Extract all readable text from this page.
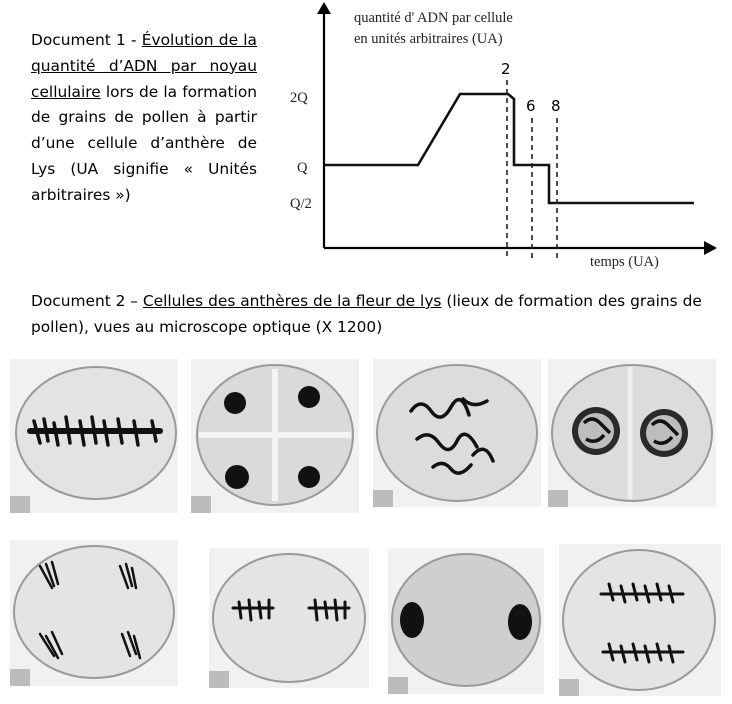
Document 1 - Évolution de la quantité d’ADN par noyau cellulaire lors de la formation de grains de pollen à partir d’une cellule d’anthère de Lys (UA signifie « Unités arbitraires »)
quantité d' ADN par cellule
en unités arbitraires (UA)
temps (UA)
2Q
Q
Q/2
2
6 8
Document 2 – Cellules des anthères de la fleur de lys (lieux de formation des grains de pollen), vues au microscope optique (X 1200)
